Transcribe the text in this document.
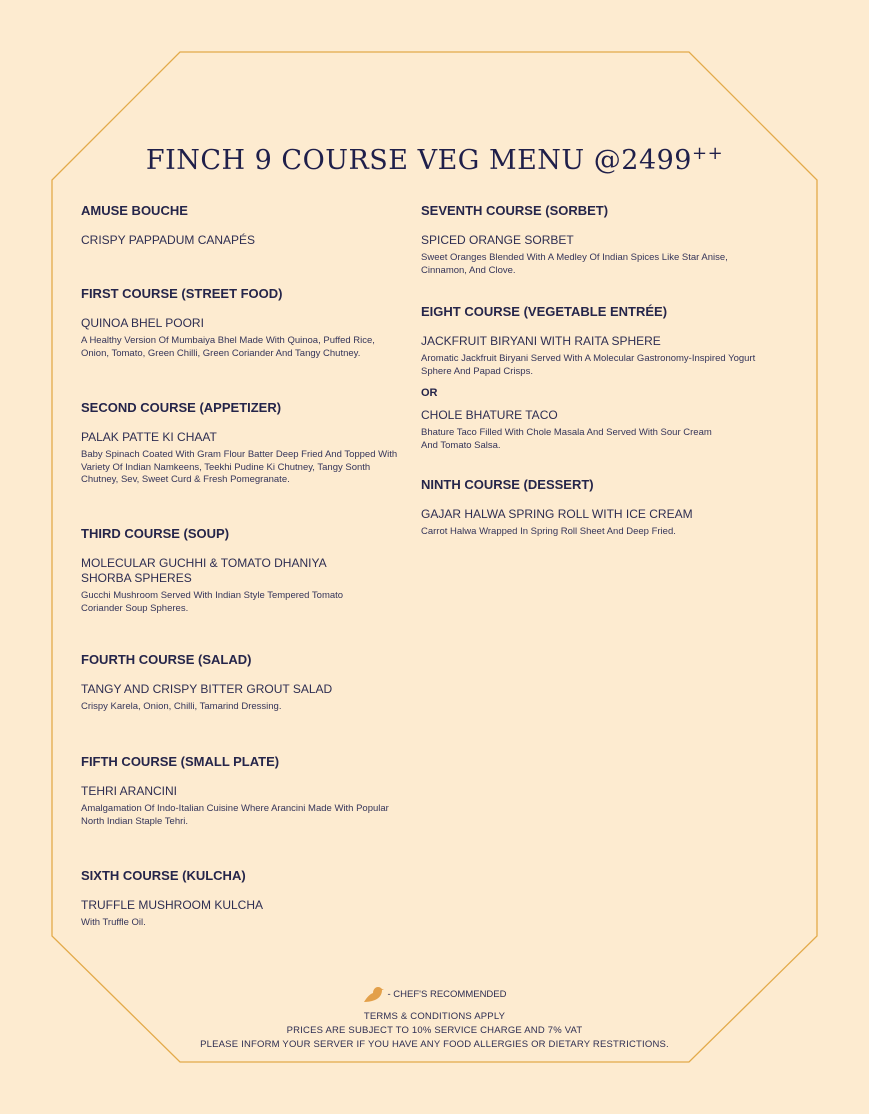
FINCH 9 COURSE VEG MENU @2499++

AMUSE BOUCHE

CRISPY PAPPADUM CANAPÉS

FIRST COURSE (STREET FOOD)

QUINOA BHEL POORI

A Healthy Version Of Mumbaiya Bhel Made With Quinoa, Puffed Rice, Onion, Tomato, Green Chilli, Green Coriander And Tangy Chutney.

SECOND COURSE (APPETIZER)

PALAK PATTE KI CHAAT

Baby Spinach Coated With Gram Flour Batter Deep Fried And Topped With Variety Of Indian Namkeens, Teekhi Pudine Ki Chutney, Tangy Sonth Chutney, Sev, Sweet Curd & Fresh Pomegranate.

THIRD COURSE (SOUP)

MOLECULAR GUCHHI & TOMATO DHANIYA SHORBA SPHERES

Gucchi Mushroom Served With Indian Style Tempered Tomato Coriander Soup Spheres.

FOURTH COURSE (SALAD)

TANGY AND CRISPY BITTER GROUT SALAD

Crispy Karela, Onion, Chilli, Tamarind Dressing.

FIFTH COURSE (SMALL PLATE)

TEHRI ARANCINI

Amalgamation Of Indo-Italian Cuisine Where Arancini Made With Popular North Indian Staple Tehri.

SIXTH COURSE (KULCHA)

TRUFFLE MUSHROOM KULCHA

With Truffle Oil.

SEVENTH COURSE (SORBET)

SPICED ORANGE SORBET

Sweet Oranges Blended With A Medley Of Indian Spices Like Star Anise, Cinnamon, And Clove.

EIGHT COURSE (VEGETABLE ENTRÉE)

JACKFRUIT BIRYANI WITH RAITA SPHERE

Aromatic Jackfruit Biryani Served With A Molecular Gastronomy-Inspired Yogurt Sphere And Papad Crisps.

OR

CHOLE BHATURE TACO

Bhature Taco Filled With Chole Masala And Served With Sour Cream And Tomato Salsa.

NINTH COURSE (DESSERT)

GAJAR HALWA SPRING ROLL WITH ICE CREAM

Carrot Halwa Wrapped In Spring Roll Sheet And Deep Fried.

- CHEF'S RECOMMENDED
TERMS & CONDITIONS APPLY
PRICES ARE SUBJECT TO 10% SERVICE CHARGE AND 7% VAT
PLEASE INFORM YOUR SERVER IF YOU HAVE ANY FOOD ALLERGIES OR DIETARY RESTRICTIONS.
